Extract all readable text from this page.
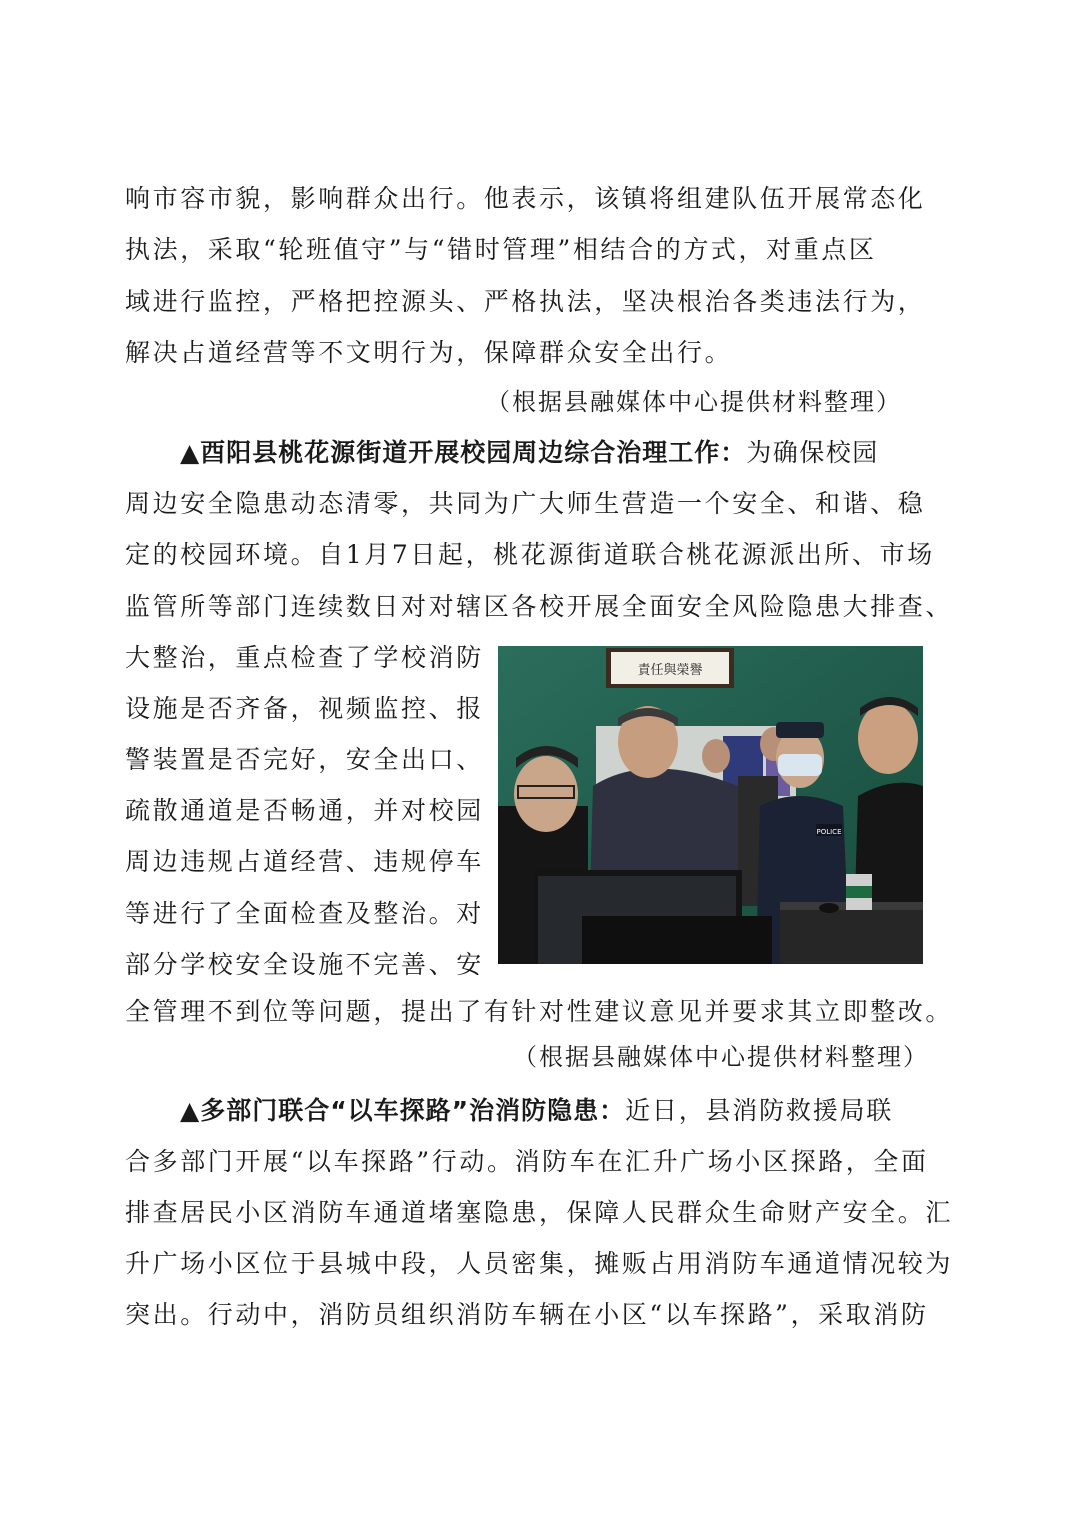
响市容市貌，影响群众出行。他表示，该镇将组建队伍开展常态化
执法，采取“轮班值守”与“错时管理”相结合的方式，对重点区
域进行监控，严格把控源头、严格执法，坚决根治各类违法行为，
解决占道经营等不文明行为，保障群众安全出行。
（根据县融媒体中心提供材料整理）
▲酉阳县桃花源街道开展校园周边综合治理工作：为确保校园
周边安全隐患动态清零，共同为广大师生营造一个安全、和谐、稳
定的校园环境。自1月7日起，桃花源街道联合桃花源派出所、市场
监管所等部门连续数日对对辖区各校开展全面安全风险隐患大排查、
大整治，重点检查了学校消防
设施是否齐备，视频监控、报
警装置是否完好，安全出口、
疏散通道是否畅通，并对校园
周边违规占道经营、违规停车
等进行了全面检查及整治。对
部分学校安全设施不完善、安
責任與榮譽
POLICE
全管理不到位等问题，提出了有针对性建议意见并要求其立即整改。
（根据县融媒体中心提供材料整理）
▲多部门联合“以车探路”治消防隐患：近日，县消防救援局联
合多部门开展“以车探路”行动。消防车在汇升广场小区探路，全面
排查居民小区消防车通道堵塞隐患，保障人民群众生命财产安全。汇
升广场小区位于县城中段，人员密集，摊贩占用消防车通道情况较为
突出。行动中，消防员组织消防车辆在小区“以车探路”，采取消防
